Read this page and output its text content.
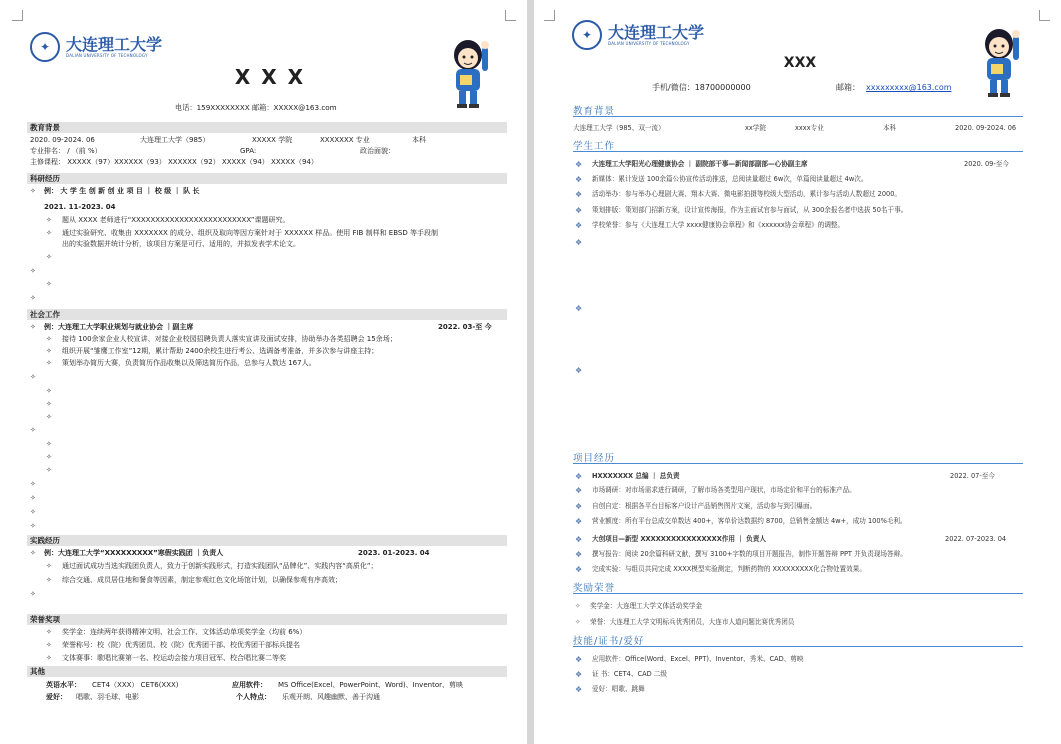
✦ 大连理工大学
DALIAN UNIVERSITY OF TECHNOLOGY
X X X
电话：159XXXXXXXX 邮箱：XXXXX@163.com
教育背景
2020. 09-2024. 06	大连理工大学（985）	XXXXX 学院	XXXXXXX 专业	本科
专业排名： / （前 %）	GPA:	政治面貌：
主修课程： XXXXX（97）XXXXXX（93） XXXXXX（92） XXXXX（94） XXXXX（94）
科研经历
✧ 例： 大 学 生 创 新 创 业 项 目 ｜ 校 级 ｜ 队 长
2021. 11-2023. 04
✧ 题从 XXXX 老师进行“XXXXXXXXXXXXXXXXXXXXXXXXX”课题研究。
✧ 通过实验研究、收集由 XXXXXXX 的成分、组织及取向等因方案针对于 XXXXXX 样品。使用 FIB 制样和 EBSD 等手段制
出的实验数据并统计分析，该项目方案是可行、适用的，并拟发表学术论文。
✧
✧
✧
✧
社会工作
✧ 例：大连理工大学职业规划与就业协会 ｜副主席	2022. 03-至 今
✧ 接待 100余家企业人校宣讲、对接企业校园招聘负责人落实宣讲及面试安排，协助举办各类招聘会 15余场；
✧ 组织开展“雏鹰工作室”12期，累计帮助 2400余校生进行考公、选调备考准备，并多次参与讲座主持；
✧ 策划举办简历大赛，负责简历作品收集以及筛选简历作品，总参与人数达 167人。
✧
✧
✧
✧
✧
✧
✧
✧
✧
✧
✧
✧
实践经历
✧ 例：大连理工大学“XXXXXXXXX”寒假实践团 ｜负责人	2023. 01-2023. 04
✧ 通过面试成功当选实践团负责人，致力于创新实践形式，打造实践团队“品牌化”、实践内容“高质化”；
✧ 综合交通、成员居住地和餐食等因素，制定参观红色文化场馆计划，以确保参观有序高效；
✧
荣誉奖项
✧ 奖学金：连续两年获得精神文明、社会工作、文体活动单项奖学金（均前 6%）
✧ 荣誉称号：校（院）优秀团员、校（院）优秀团干部、校优秀团干部标兵提名
✧ 文体赛事：歌唱比赛第一名、校运动会接力项目冠军、校合唱比赛二等奖
其他
英语水平： CET4（XXX） CET6(XXX)	应用软件： MS Office(Excel、PowerPoint、Word)、Inventor、剪映
爱好： 唱歌、羽毛球、电影	个人特点： 乐观开朗、风趣幽默、善于沟通
✦ 大连理工大学
DALIAN UNIVERSITY OF TECHNOLOGY
XXX
手机/微信：18700000000	邮箱： xxxxxxxxx@163.com
教育背景
大连理工大学（985、双一流）	xx学院	xxxx专业	本科	2020. 09-2024. 06
学生工作
❖ 大连理工大学阳光心理健康协会 ｜ 副院部干事—新闻部副部—心协副主席	2020. 09-至今
❖ 新媒体：累计发送 100余篇公协宣传活动推送，总阅读量超过 6w次，单篇阅读量超过 4w次。
❖ 活动举办：参与举办心理剧大赛、翔本大赛、微电影拍摄等校级大型活动，累计参与活动人数超过 2000。
❖ 策划排版：策划部门招新方案，设计宣传海报，作为主面试官参与面试，从 300余报名者中选拔 50名干事。
❖ 学校荣誉：参与《大连理工大学 xxxx健康协会章程》和《xxxxxx协会章程》的调整。
❖
❖
❖
项目经历
❖ HXXXXXXX 总编 ｜ 总负责	2022. 07-至今
❖ 市场调研：对市场需求进行调研，了解市场各类型用户现状，市场定价和平台的标准产品。
❖ 自创自定：根据各平台目标客户设计产品销售图片文案，活动参与到引爆面。
❖ 营业额度：所有平台总成交单数达 400+，客单价达数据约 8700，总销售金额达 4w+，成功 100%毛利。
❖ 大创项目—新型 XXXXXXXXXXXXXXXX作用 ｜ 负责人	2022. 07-2023. 04
❖ 撰写报告：阅读 20余篇科研文献，撰写 3100+字数的项目开题报告，制作开题答辩 PPT 并负责现场答辩。
❖ 完成实验：与组员共同完成 XXXX模型实验测定，判断药物的 XXXXXXXXX化合物处置效果。
奖励荣誉
✧ 奖学金：大连理工大学文体活动奖学金
✧ 荣誉：大连理工大学文明标兵优秀团员，大连市人道问题比赛优秀团员
技能/证书/爱好
❖ 应用软件：Office(Word、Excel、PPT)、Inventor、秀米、CAD、剪映
❖ 证 书：CET4、CAD 二级
❖ 爱好：唱歌、跳舞
